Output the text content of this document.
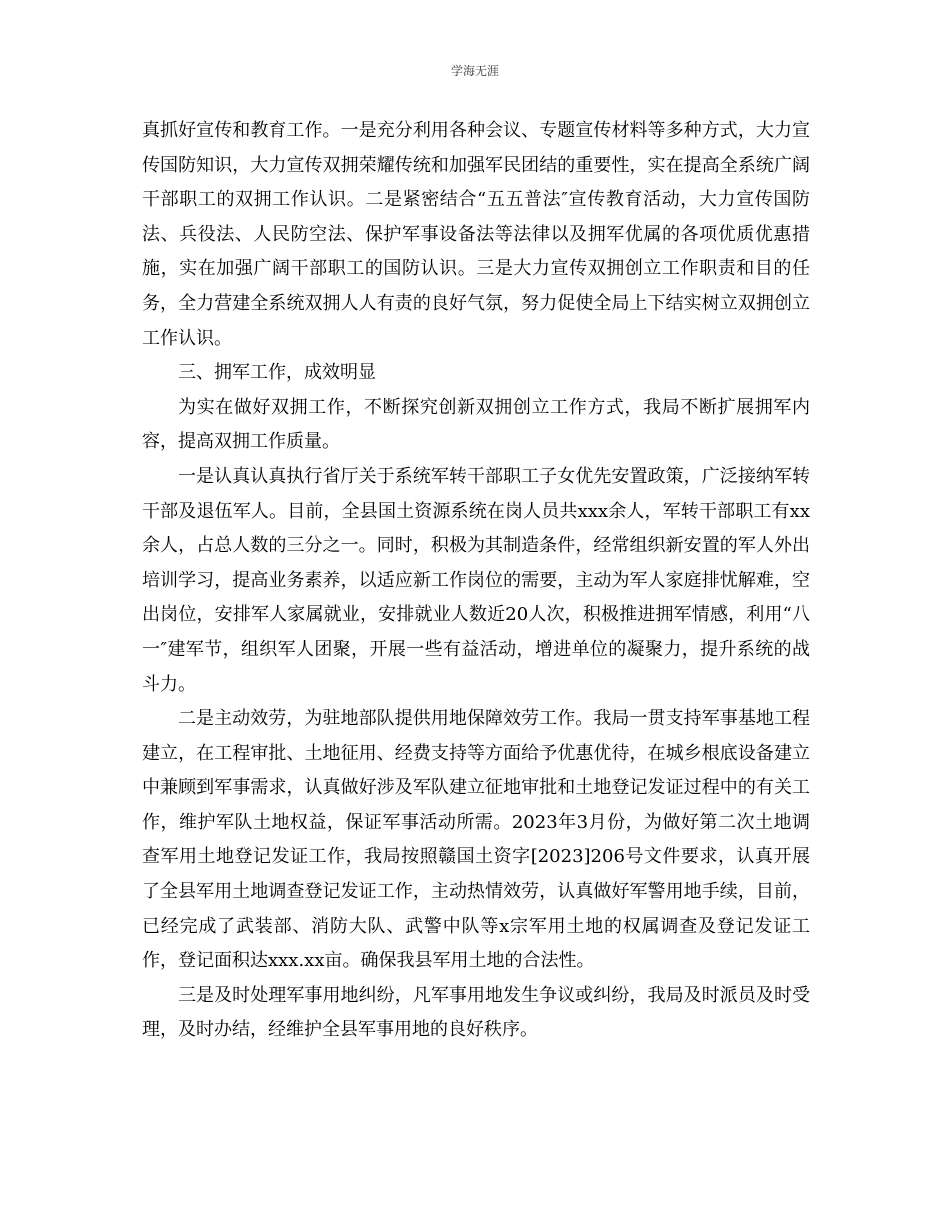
学海无涯

真抓好宣传和教育工作。一是充分利用各种会议、专题宣传材料等多种方式，大力宣传国防知识，大力宣传双拥荣耀传统和加强军民团结的重要性，实在提高全系统广阔干部职工的双拥工作认识。二是紧密结合“五五普法″宣传教育活动，大力宣传国防法、兵役法、人民防空法、保护军事设备法等法律以及拥军优属的各项优质优惠措施，实在加强广阔干部职工的国防认识。三是大力宣传双拥创立工作职责和目的任务，全力营建全系统双拥人人有责的良好气氛，努力促使全局上下结实树立双拥创立工作认识。

三、拥军工作，成效明显

为实在做好双拥工作，不断探究创新双拥创立工作方式，我局不断扩展拥军内容，提高双拥工作质量。

一是认真认真执行省厅关于系统军转干部职工子女优先安置政策，广泛接纳军转干部及退伍军人。目前，全县国土资源系统在岗人员共xxx余人，军转干部职工有xx余人，占总人数的三分之一。同时，积极为其制造条件，经常组织新安置的军人外出培训学习，提高业务素养，以适应新工作岗位的需要，主动为军人家庭排忧解难，空出岗位，安排军人家属就业，安排就业人数近20人次，积极推进拥军情感，利用“八一″建军节，组织军人团聚，开展一些有益活动，增进单位的凝聚力，提升系统的战斗力。

二是主动效劳，为驻地部队提供用地保障效劳工作。我局一贯支持军事基地工程建立，在工程审批、土地征用、经费支持等方面给予优惠优待，在城乡根底设备建立中兼顾到军事需求，认真做好涉及军队建立征地审批和土地登记发证过程中的有关工作，维护军队土地权益，保证军事活动所需。2023年3月份，为做好第二次土地调查军用土地登记发证工作，我局按照赣国土资字[2023]206号文件要求，认真开展了全县军用土地调查登记发证工作，主动热情效劳，认真做好军警用地手续，目前，已经完成了武装部、消防大队、武警中队等x宗军用土地的权属调查及登记发证工作，登记面积达xxx.xx亩。确保我县军用土地的合法性。

三是及时处理军事用地纠纷，凡军事用地发生争议或纠纷，我局及时派员及时受理，及时办结，经维护全县军事用地的良好秩序。
